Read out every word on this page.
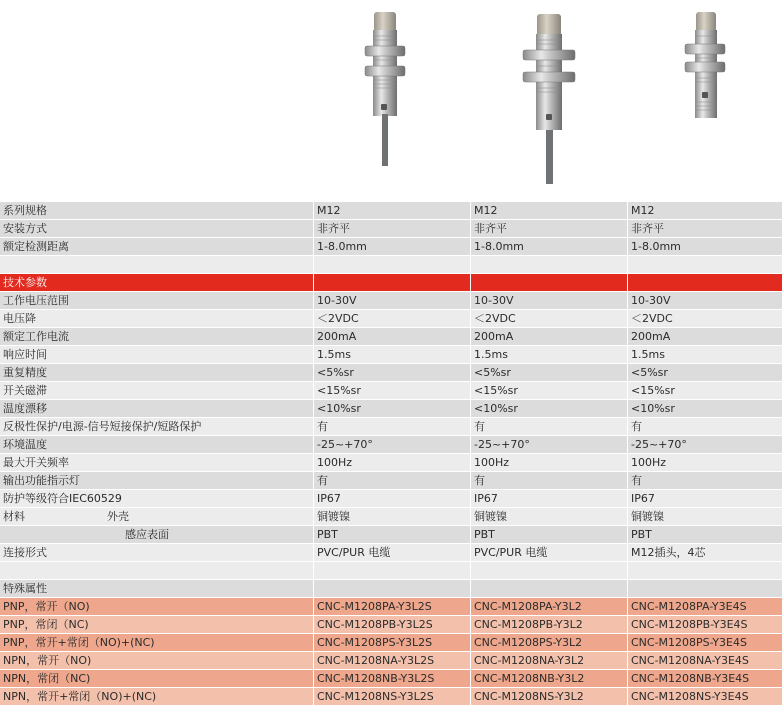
系列规格	M12	M12	M12
安装方式	非齐平	非齐平	非齐平
额定检测距离	1-8.0mm	1-8.0mm	1-8.0mm

技术参数			
工作电压范围	10-30V	10-30V	10-30V
电压降	＜2VDC	＜2VDC	＜2VDC
额定工作电流	200mA	200mA	200mA
响应时间	1.5ms	1.5ms	1.5ms
重复精度	<5%sr	<5%sr	<5%sr
开关磁滞	<15%sr	<15%sr	<15%sr
温度漂移	<10%sr	<10%sr	<10%sr
反极性保护/电源-信号短接保护/短路保护	有	有	有
环境温度	-25~+70°	-25~+70°	-25~+70°
最大开关频率	100Hz	100Hz	100Hz
输出功能指示灯	有	有	有
防护等级符合IEC60529	IP67	IP67	IP67
材料 外壳	铜镀镍	铜镀镍	铜镀镍
感应表面	PBT	PBT	PBT
连接形式	PVC/PUR 电缆	PVC/PUR 电缆	M12插头，4芯

特殊属性			
PNP，常开（NO)	CNC-M1208PA-Y3L2S	CNC-M1208PA-Y3L2	CNC-M1208PA-Y3E4S
PNP，常闭（NC)	CNC-M1208PB-Y3L2S	CNC-M1208PB-Y3L2	CNC-M1208PB-Y3E4S
PNP，常开+常闭（NO)+(NC)	CNC-M1208PS-Y3L2S	CNC-M1208PS-Y3L2	CNC-M1208PS-Y3E4S
NPN，常开（NO)	CNC-M1208NA-Y3L2S	CNC-M1208NA-Y3L2	CNC-M1208NA-Y3E4S
NPN，常闭（NC)	CNC-M1208NB-Y3L2S	CNC-M1208NB-Y3L2	CNC-M1208NB-Y3E4S
NPN，常开+常闭（NO)+(NC)	CNC-M1208NS-Y3L2S	CNC-M1208NS-Y3L2	CNC-M1208NS-Y3E4S
